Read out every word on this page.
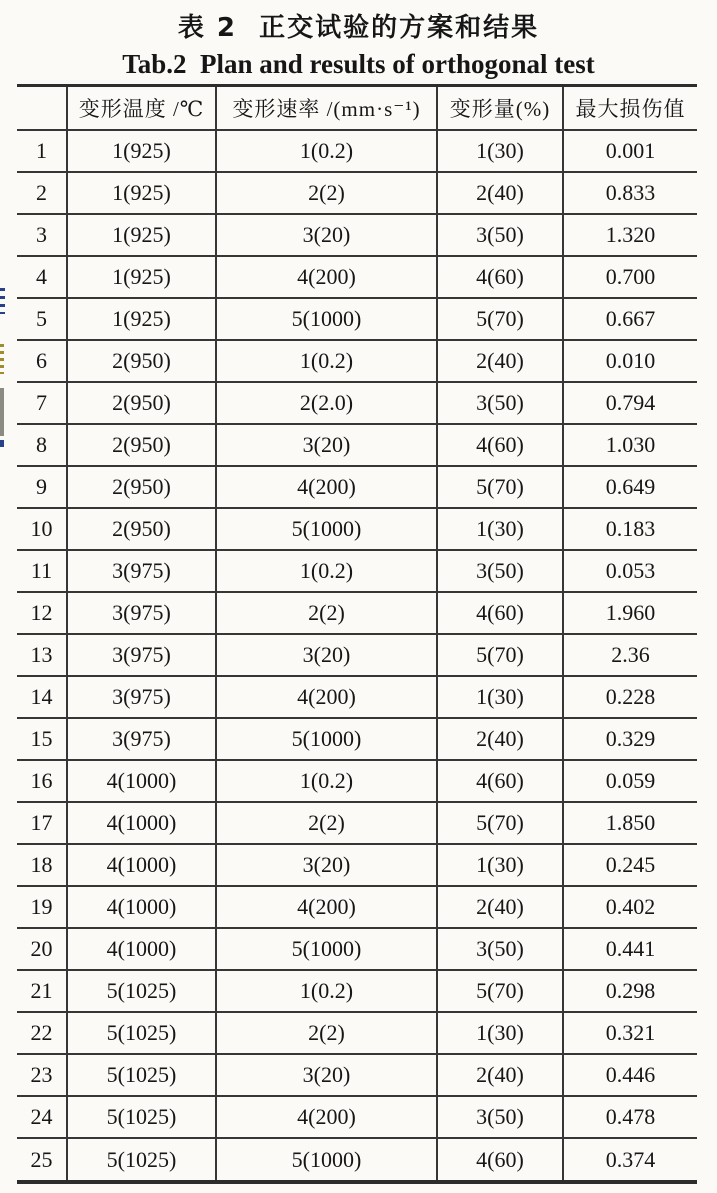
表 2  正交试验的方案和结果
Tab.2  Plan and results of orthogonal test
	变形温度 /℃	变形速率 /(mm·s⁻¹)	变形量(%)	最大损伤值
1	1(925)	1(0.2)	1(30)	0.001
2	1(925)	2(2)	2(40)	0.833
3	1(925)	3(20)	3(50)	1.320
4	1(925)	4(200)	4(60)	0.700
5	1(925)	5(1000)	5(70)	0.667
6	2(950)	1(0.2)	2(40)	0.010
7	2(950)	2(2.0)	3(50)	0.794
8	2(950)	3(20)	4(60)	1.030
9	2(950)	4(200)	5(70)	0.649
10	2(950)	5(1000)	1(30)	0.183
11	3(975)	1(0.2)	3(50)	0.053
12	3(975)	2(2)	4(60)	1.960
13	3(975)	3(20)	5(70)	2.36
14	3(975)	4(200)	1(30)	0.228
15	3(975)	5(1000)	2(40)	0.329
16	4(1000)	1(0.2)	4(60)	0.059
17	4(1000)	2(2)	5(70)	1.850
18	4(1000)	3(20)	1(30)	0.245
19	4(1000)	4(200)	2(40)	0.402
20	4(1000)	5(1000)	3(50)	0.441
21	5(1025)	1(0.2)	5(70)	0.298
22	5(1025)	2(2)	1(30)	0.321
23	5(1025)	3(20)	2(40)	0.446
24	5(1025)	4(200)	3(50)	0.478
25	5(1025)	5(1000)	4(60)	0.374
